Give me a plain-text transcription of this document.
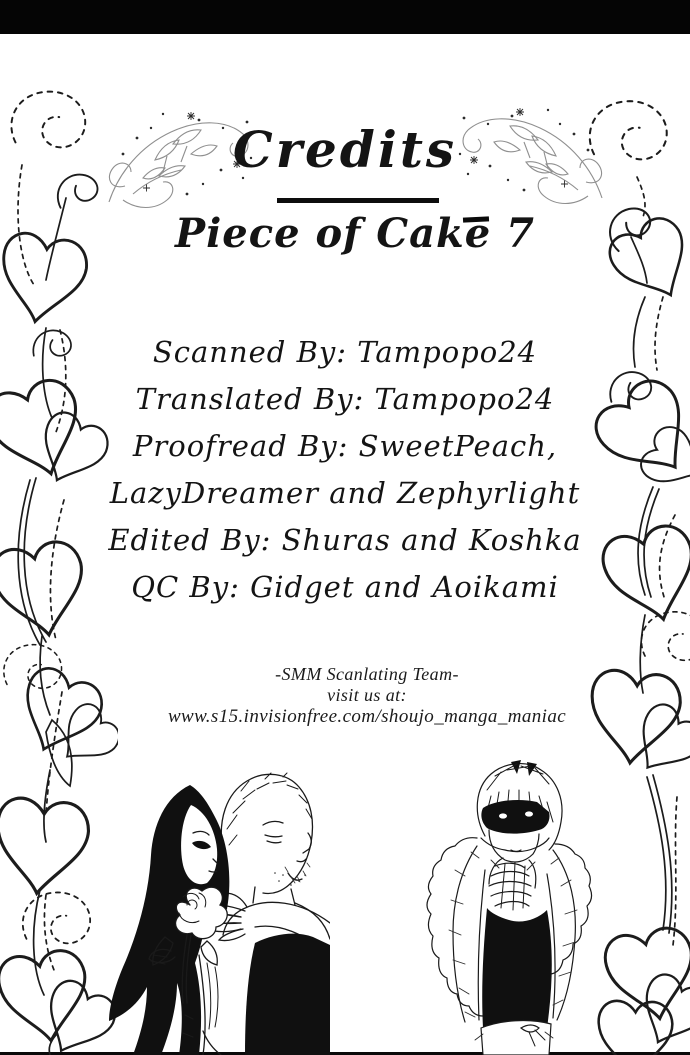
Credits
Piece of Cake 7
Scanned By: Tampopo24
Translated By: Tampopo24
Proofread By: SweetPeach,
LazyDreamer and Zephyrlight
Edited By: Shuras and Koshka
QC By: Gidget and Aoikami
-SMM Scanlating Team-
visit us at:
www.s15.invisionfree.com/shoujo_manga_maniac
